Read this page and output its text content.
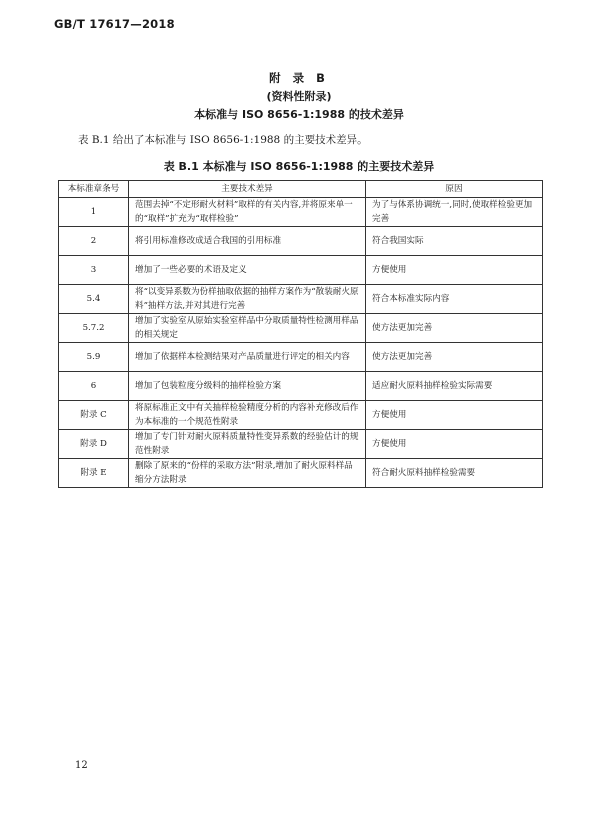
GB/T 17617—2018
附 录 B
(资料性附录)
本标准与 ISO 8656-1:1988 的技术差异
表 B.1 给出了本标准与 ISO 8656-1:1988 的主要技术差异。
表 B.1 本标准与 ISO 8656-1:1988 的主要技术差异
本标准章条号	主要技术差异	原因
1	范围去掉“不定形耐火材料”取样的有关内容,并将原来单一的“取样”扩充为“取样检验”	为了与体系协调统一,同时,使取样检验更加完善
2	将引用标准修改成适合我国的引用标准	符合我国实际
3	增加了一些必要的术语及定义	方便使用
5.4	将“以变异系数为份样抽取依据的抽样方案作为“散装耐火原料”抽样方法,并对其进行完善	符合本标准实际内容
5.7.2	增加了实验室从原始实验室样品中分取质量特性检测用样品的相关规定	使方法更加完善
5.9	增加了依据样本检测结果对产品质量进行评定的相关内容	使方法更加完善
6	增加了包装粒度分级料的抽样检验方案	适应耐火原料抽样检验实际需要
附录 C	将原标准正文中有关抽样检验精度分析的内容补充修改后作为本标准的一个规范性附录	方便使用
附录 D	增加了专门针对耐火原料质量特性变异系数的经验估计的规范性附录	方便使用
附录 E	删除了原来的“份样的采取方法”附录,增加了耐火原料样品缩分方法附录	符合耐火原料抽样检验需要
12
